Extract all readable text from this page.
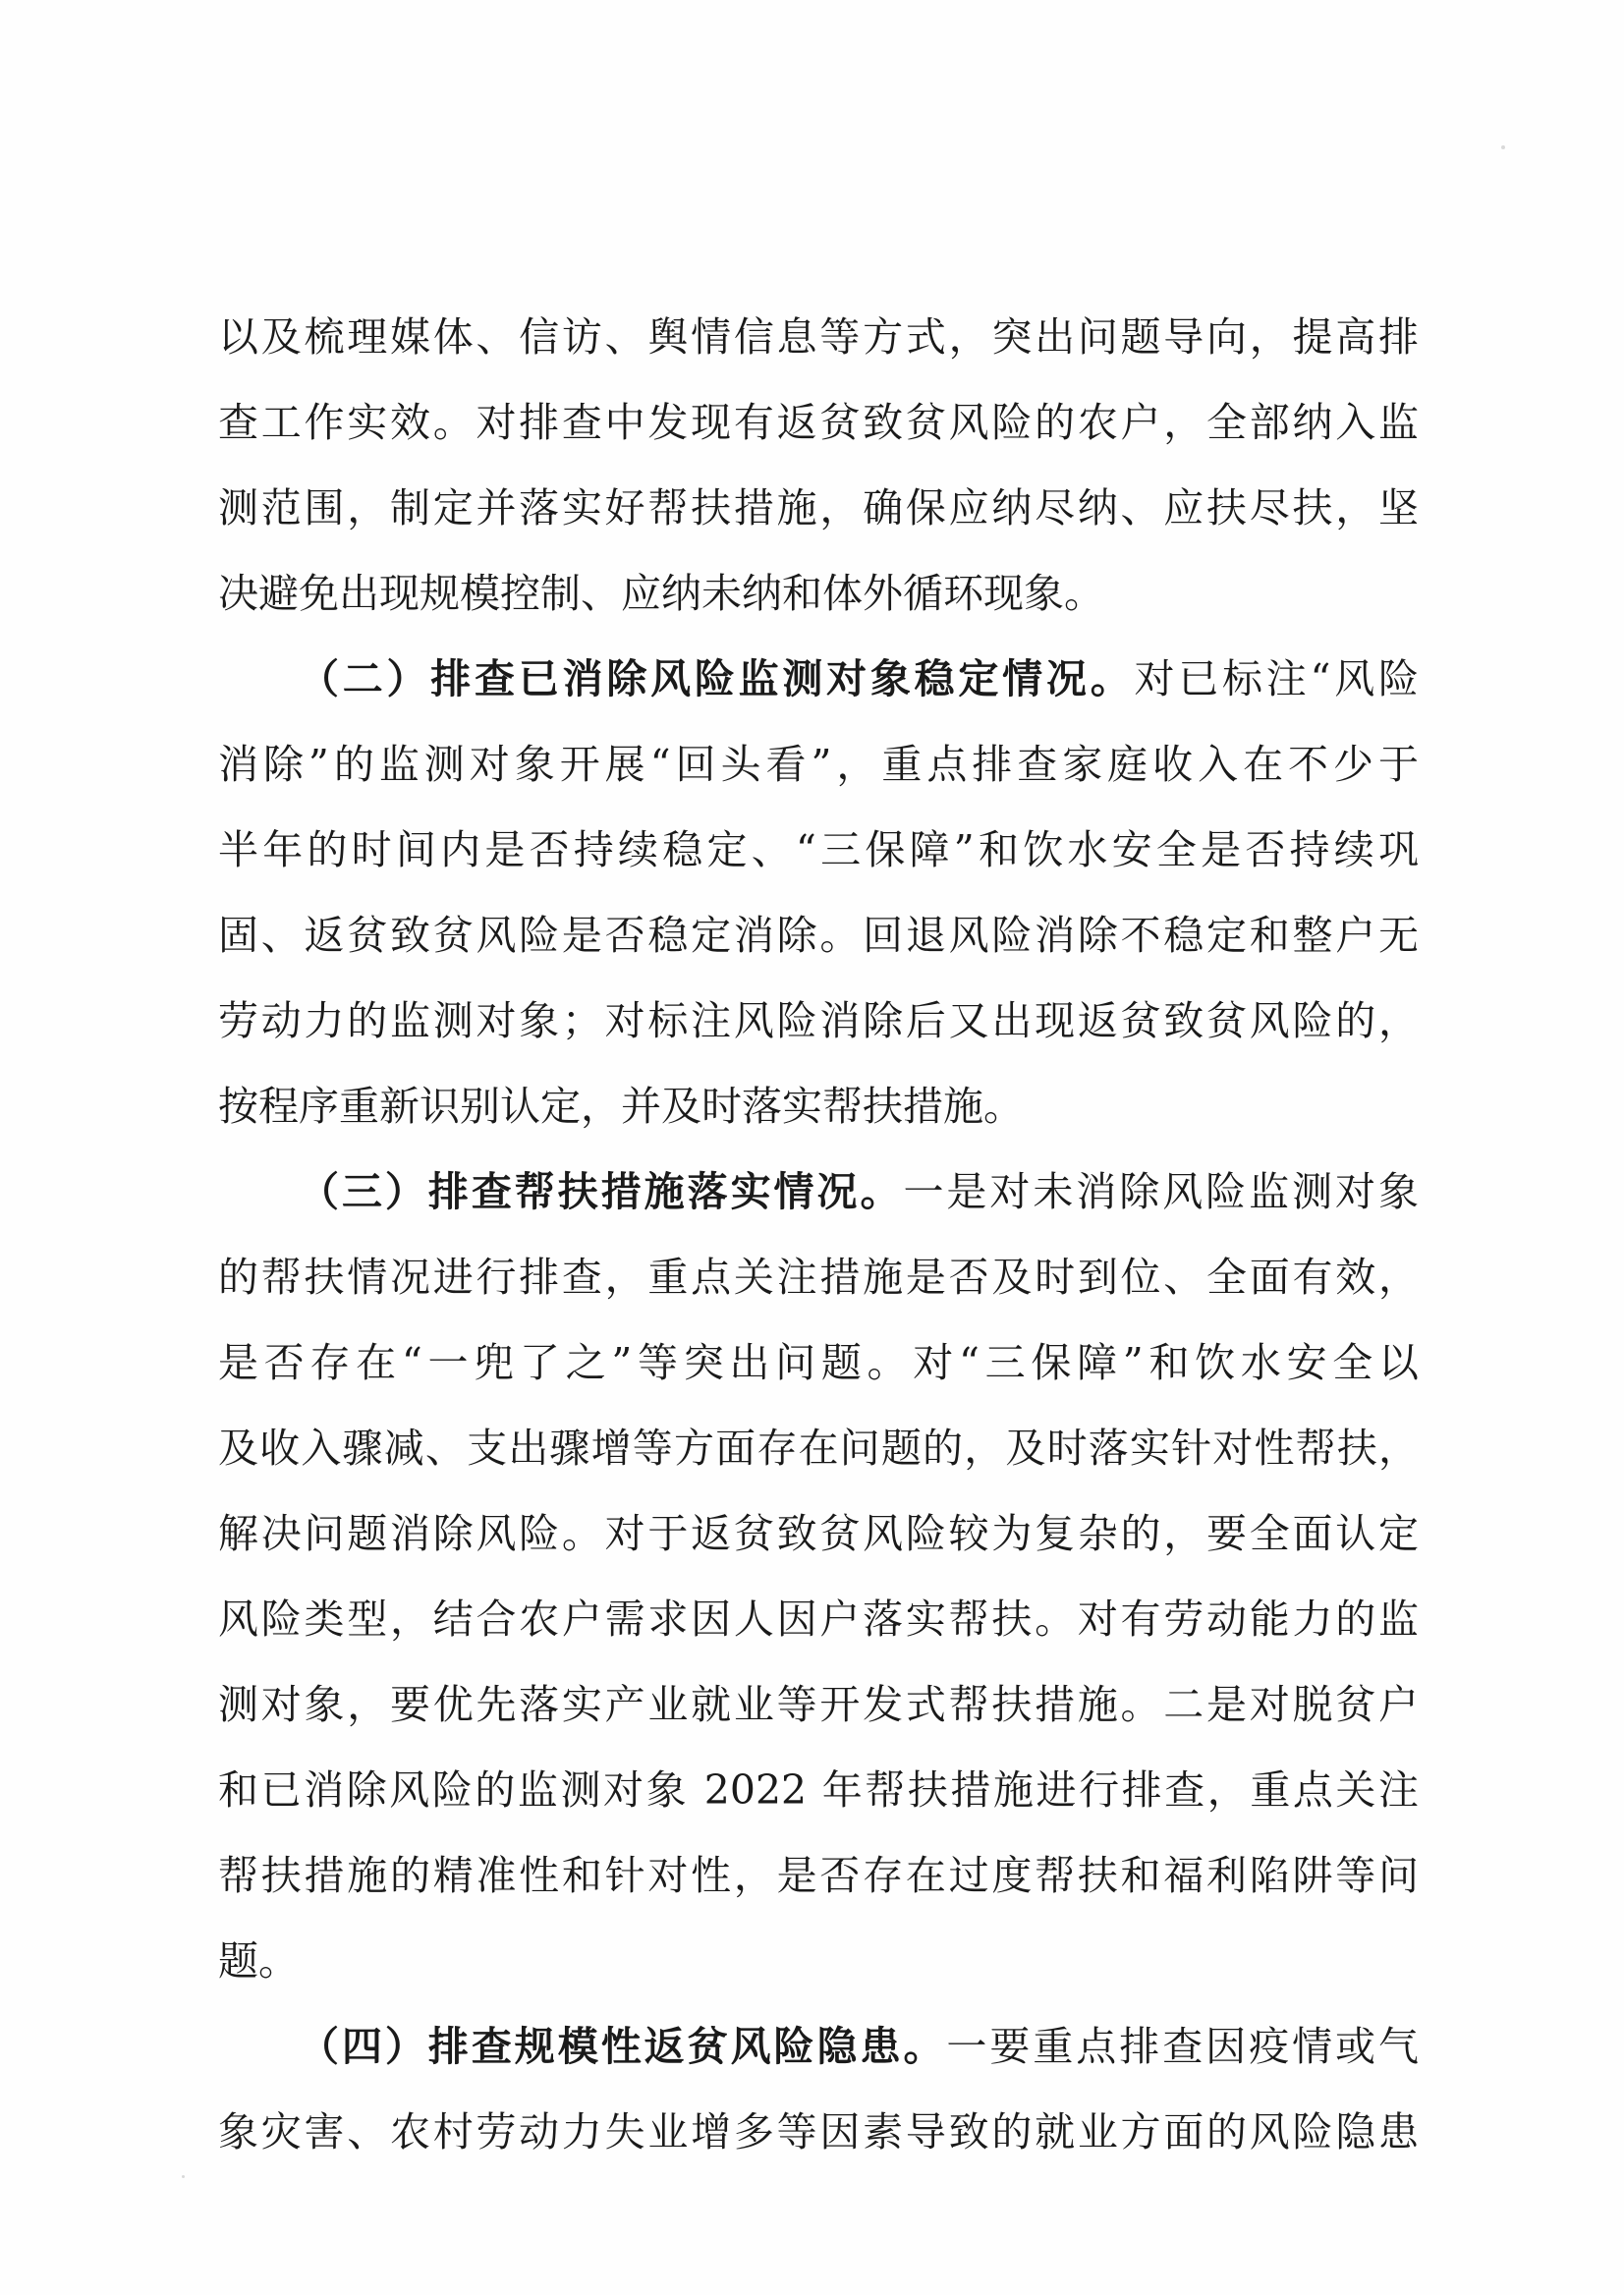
以及梳理媒体、信访、舆情信息等方式，突出问题导向，提高排
查工作实效。对排查中发现有返贫致贫风险的农户，全部纳入监
测范围，制定并落实好帮扶措施，确保应纳尽纳、应扶尽扶，坚
决避免出现规模控制、应纳未纳和体外循环现象。
（二）排查已消除风险监测对象稳定情况。对已标注“风险
消除”的监测对象开展“回头看”，重点排查家庭收入在不少于
半年的时间内是否持续稳定、“三保障”和饮水安全是否持续巩
固、返贫致贫风险是否稳定消除。回退风险消除不稳定和整户无
劳动力的监测对象；对标注风险消除后又出现返贫致贫风险的，
按程序重新识别认定，并及时落实帮扶措施。
（三）排查帮扶措施落实情况。一是对未消除风险监测对象
的帮扶情况进行排查，重点关注措施是否及时到位、全面有效，
是否存在“一兜了之”等突出问题。对“三保障”和饮水安全以
及收入骤减、支出骤增等方面存在问题的，及时落实针对性帮扶，
解决问题消除风险。对于返贫致贫风险较为复杂的，要全面认定
风险类型，结合农户需求因人因户落实帮扶。对有劳动能力的监
测对象，要优先落实产业就业等开发式帮扶措施。二是对脱贫户
和已消除风险的监测对象 2022 年帮扶措施进行排查，重点关注
帮扶措施的精准性和针对性，是否存在过度帮扶和福利陷阱等问
题。
（四）排查规模性返贫风险隐患。一要重点排查因疫情或气
象灾害、农村劳动力失业增多等因素导致的就业方面的风险隐患
